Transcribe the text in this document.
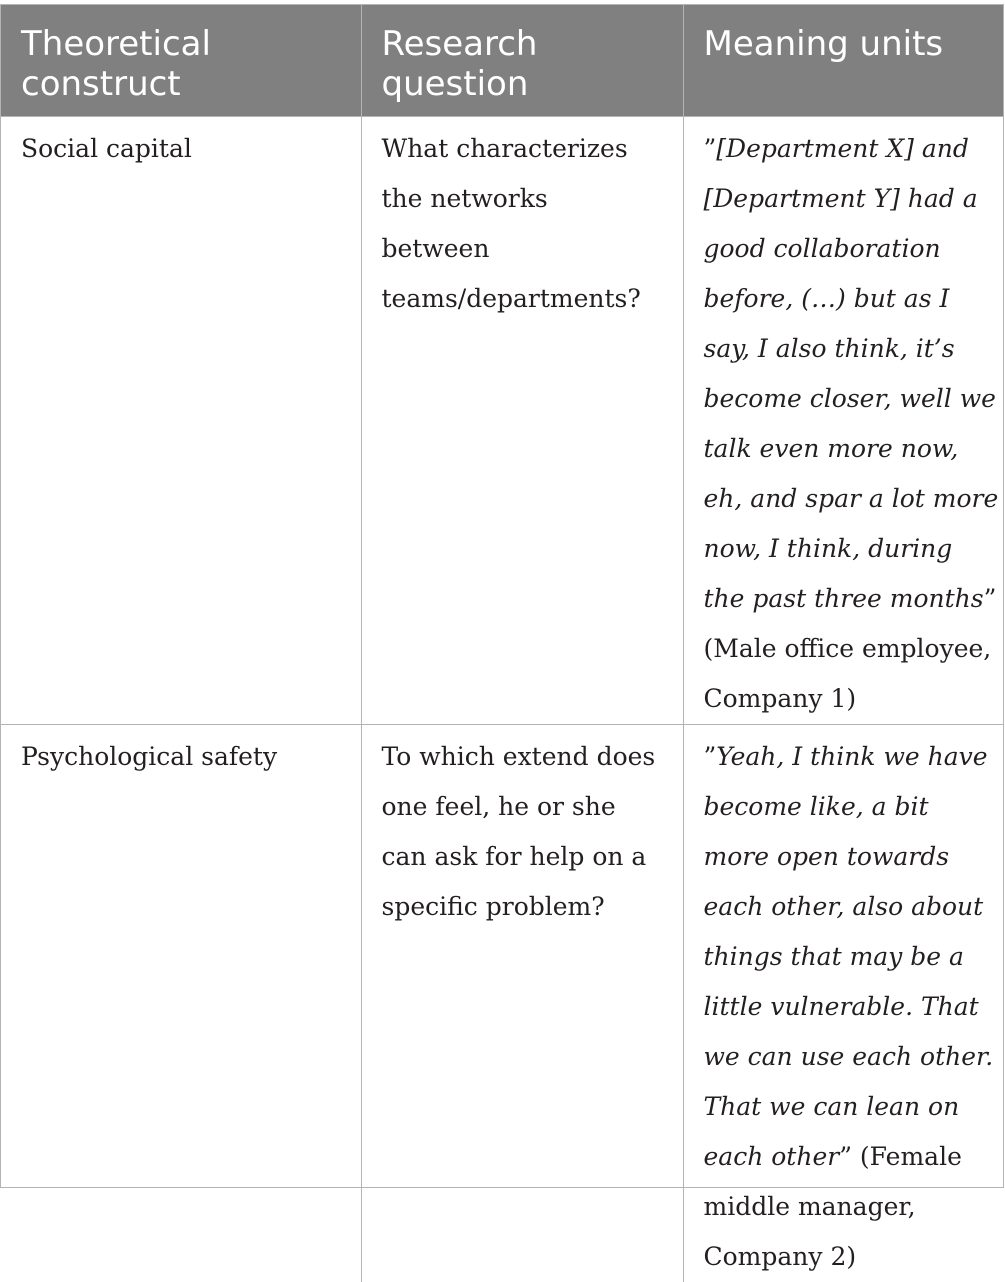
Theoretical construct	Research question	Meaning units
Social capital	What characterizes the networks between teams/departments?	”[Department X] and [Department Y] had a good collaboration before, (…) but as I say, I also think, it’s become closer, well we talk even more now, eh, and spar a lot more now, I think, during the past three months” (Male office employee, Company 1)
Psychological safety	To which extend does one feel, he or she can ask for help on a specific problem?	”Yeah, I think we have become like, a bit more open towards each other, also about things that may be a little vulnerable. That we can use each other. That we can lean on each other” (Female middle manager, Company 2)
